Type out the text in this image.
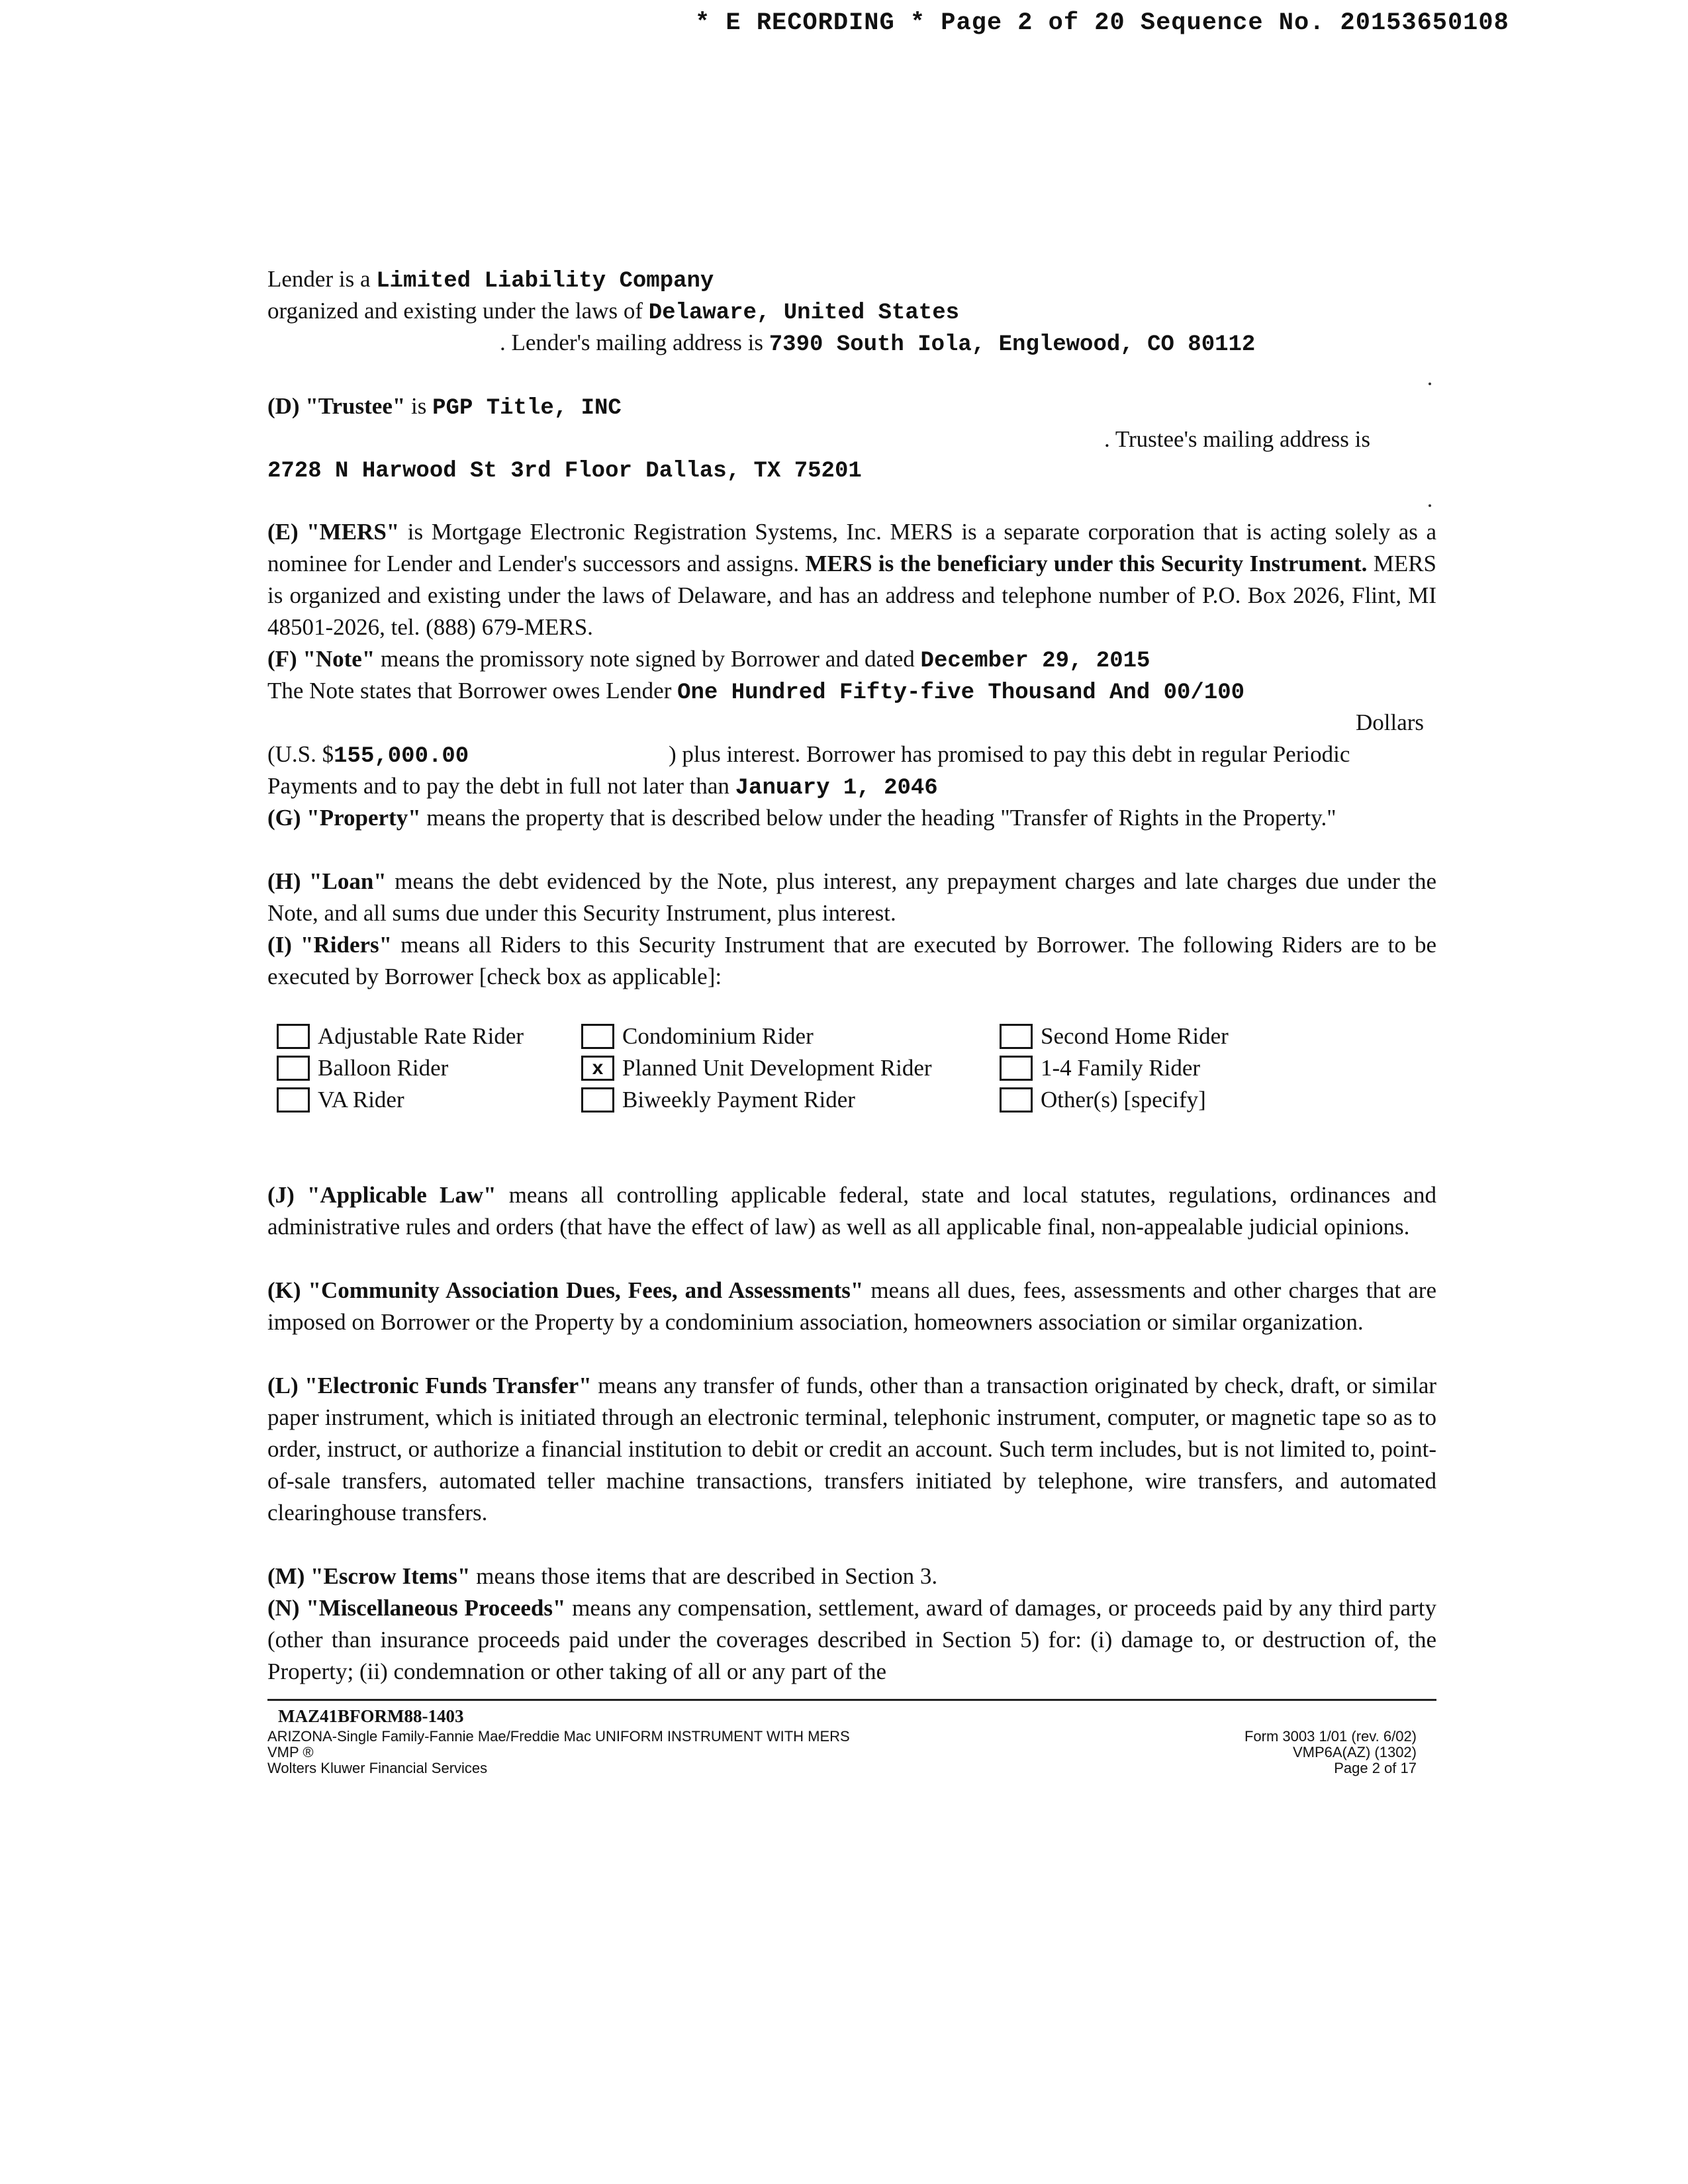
* E RECORDING * Page 2 of 20 Sequence No. 20153650108
Lender is a Limited Liability Company
organized and existing under the laws of Delaware, United States
. Lender's mailing address is 7390 South Iola, Englewood, CO 80112
(D) "Trustee" is PGP Title, INC
. Trustee's mailing address is
2728 N Harwood St 3rd Floor Dallas, TX 75201
(E) "MERS" is Mortgage Electronic Registration Systems, Inc. MERS is a separate corporation that is acting solely as a nominee for Lender and Lender's successors and assigns. MERS is the beneficiary under this Security Instrument. MERS is organized and existing under the laws of Delaware, and has an address and telephone number of P.O. Box 2026, Flint, MI 48501-2026, tel. (888) 679-MERS.
(F) "Note" means the promissory note signed by Borrower and dated December 29, 2015
The Note states that Borrower owes Lender One Hundred Fifty-five Thousand And 00/100
Dollars
(U.S. $155,000.00	) plus interest. Borrower has promised to pay this debt in regular Periodic
Payments and to pay the debt in full not later than January 1, 2046
(G) "Property" means the property that is described below under the heading "Transfer of Rights in the Property."
(H) "Loan" means the debt evidenced by the Note, plus interest, any prepayment charges and late charges due under the Note, and all sums due under this Security Instrument, plus interest.
(I) "Riders" means all Riders to this Security Instrument that are executed by Borrower. The following Riders are to be executed by Borrower [check box as applicable]:
Adjustable Rate Rider	Condominium Rider	Second Home Rider
Balloon Rider	x Planned Unit Development Rider	1-4 Family Rider
VA Rider	Biweekly Payment Rider	Other(s) [specify]
(J) "Applicable Law" means all controlling applicable federal, state and local statutes, regulations, ordinances and administrative rules and orders (that have the effect of law) as well as all applicable final, non-appealable judicial opinions.
(K) "Community Association Dues, Fees, and Assessments" means all dues, fees, assessments and other charges that are imposed on Borrower or the Property by a condominium association, homeowners association or similar organization.
(L) "Electronic Funds Transfer" means any transfer of funds, other than a transaction originated by check, draft, or similar paper instrument, which is initiated through an electronic terminal, telephonic instrument, computer, or magnetic tape so as to order, instruct, or authorize a financial institution to debit or credit an account. Such term includes, but is not limited to, point-of-sale transfers, automated teller machine transactions, transfers initiated by telephone, wire transfers, and automated clearinghouse transfers.
(M) "Escrow Items" means those items that are described in Section 3.
(N) "Miscellaneous Proceeds" means any compensation, settlement, award of damages, or proceeds paid by any third party (other than insurance proceeds paid under the coverages described in Section 5) for: (i) damage to, or destruction of, the Property; (ii) condemnation or other taking of all or any part of the
MAZ41BFORM88-1403
ARIZONA-Single Family-Fannie Mae/Freddie Mac UNIFORM INSTRUMENT WITH MERS
VMP ®
Wolters Kluwer Financial Services
Form 3003 1/01 (rev. 6/02)
VMP6A(AZ) (1302)
Page 2 of 17
